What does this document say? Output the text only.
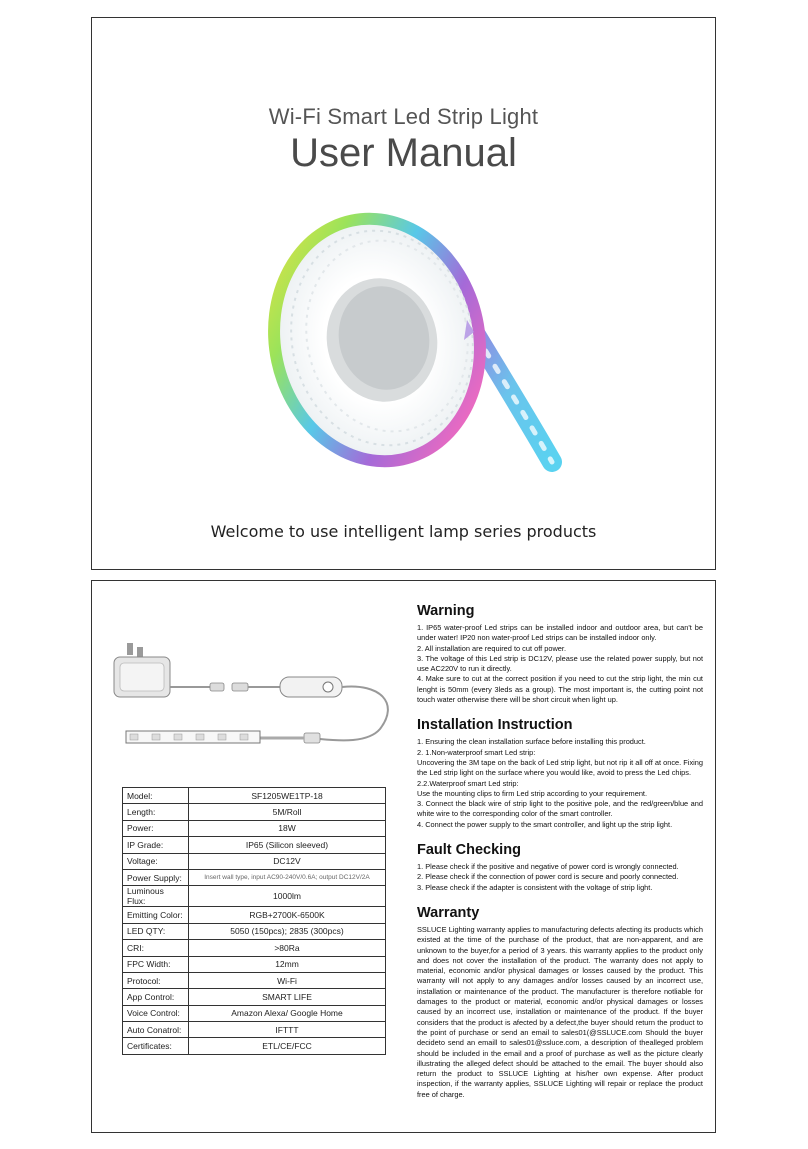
Wi-Fi Smart Led Strip Light
User Manual
Welcome to use intelligent lamp series products
Model:	SF1205WE1TP-18
Length:	5M/Roll
Power:	18W
IP Grade:	IP65 (Silicon sleeved)
Voltage:	DC12V
Power Supply:	Insert wall type, input AC90-240V/0.6A; output DC12V/2A
Luminous Flux:	1000lm
Emitting Color:	RGB+2700K-6500K
LED QTY:	5050 (150pcs); 2835 (300pcs)
CRI:	>80Ra
FPC Width:	12mm
Protocol:	Wi-Fi
App Control:	SMART LIFE
Voice Control:	Amazon Alexa/ Google Home
Auto Conatrol:	IFTTT
Certificates:	ETL/CE/FCC
Warning

1. IP65 water-proof Led strips can be installed indoor and outdoor area, but can't be under water! IP20 non water-proof Led strips can be installed indoor only.

2. All installation are required to cut off power.

3. The voltage of this Led strip is DC12V, please use the related power supply, but not use AC220V to run it directly.

4. Make sure to cut at the correct position if you need to cut the strip light, the min cut lenght is 50mm (every 3leds as a group). The most important is, the cutting point not touch water otherwise there will be short circuit when light up.

Installation Instruction

1. Ensuring the clean installation surface before installing this product.

2. 1.Non-waterproof smart Led strip:

Uncovering the 3M tape on the back of Led strip light, but not rip it all off at once. Fixing the Led strip light on the surface where you would like, avoid to press the Led chips.

2.2.Waterproof smart Led strip:

Use the mounting clips to firm Led strip according to your requirement.

3. Connect the black wire of strip light to the positive pole, and the red/green/blue and white wire to the corresponding color of the smart controller.

4. Connect the power supply to the smart controller, and light up the strip light.

Fault Checking

1. Please check if the positive and negative of power cord is wrongly connected.

2. Please check if the connection of power cord is secure and poorly connected.

3. Please check if the adapter is consistent with the voltage of strip light.

Warranty

SSLUCE Lighting warranty applies to manufacturing defects afecting its products which existed at the time of the purchase of the product, that are non-apparent, and are unknown to the buyer,for a period of 3 years. this warranty applies to the product only and does not cover the installation of the product. The warranty does not apply to material, economic and/or physical damages or losses caused by the product. This warranty will not apply to any damages and/or losses caused by an incorrect use, installation or maintenance of the product. The manufacturer is therefore notliable for damages to the product or material, economic and/or physical damages or losses caused by an incorrect use, installation or maintenance of the product. If the buyer considers that the product is afected by a defect,the buyer should return the product to the point of purchase or send an email to sales01(@SSLUCE.com Should the buyer decideto send an emaill to sales01@ssluce.com, a description of thealleged problem should be included in the email and a proof of purchase as well as the picture clearly illustrating the alleged defect should be attached to the email. The buyer should also return the product to SSLUCE Lighting at his/her own expense. After product inspection, if the warranty applies, SSLUCE Lighting will repair or replace the product free of charge.
